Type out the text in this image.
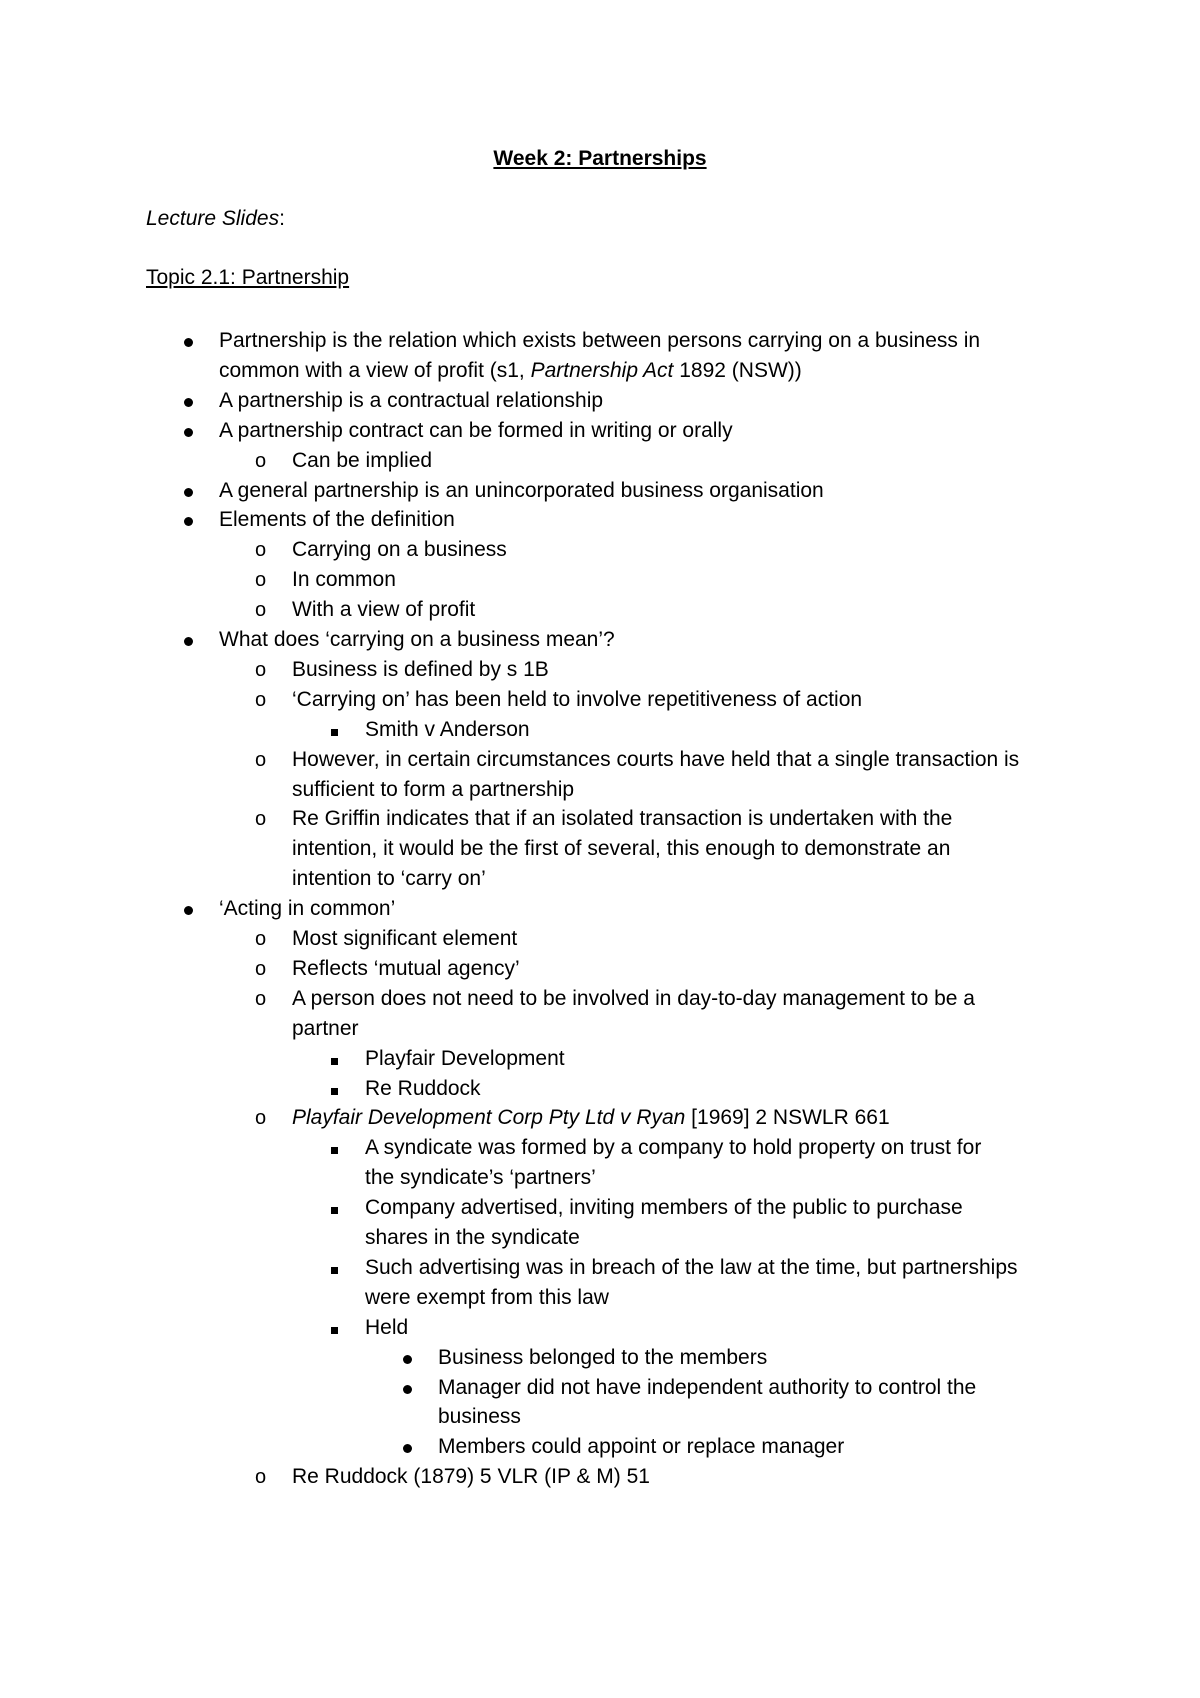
Week 2: Partnerships
Lecture Slides:
Topic 2.1: Partnership
Partnership is the relation which exists between persons carrying on a business in
common with a view of profit (s1, Partnership Act 1892 (NSW))
A partnership is a contractual relationship
A partnership contract can be formed in writing or orally
o Can be implied
A general partnership is an unincorporated business organisation
Elements of the definition
o Carrying on a business
o In common
o With a view of profit
What does ‘carrying on a business mean’?
o Business is defined by s 1B
o ‘Carrying on’ has been held to involve repetitiveness of action
Smith v Anderson
o However, in certain circumstances courts have held that a single transaction is
sufficient to form a partnership
o Re Griffin indicates that if an isolated transaction is undertaken with the
intention, it would be the first of several, this enough to demonstrate an
intention to ‘carry on’
‘Acting in common’
o Most significant element
o Reflects ‘mutual agency’
o A person does not need to be involved in day-to-day management to be a
partner
Playfair Development
Re Ruddock
o Playfair Development Corp Pty Ltd v Ryan [1969] 2 NSWLR 661
A syndicate was formed by a company to hold property on trust for
the syndicate’s ‘partners’
Company advertised, inviting members of the public to purchase
shares in the syndicate
Such advertising was in breach of the law at the time, but partnerships
were exempt from this law
Held
Business belonged to the members
Manager did not have independent authority to control the
business
Members could appoint or replace manager
o Re Ruddock (1879) 5 VLR (IP & M) 51
